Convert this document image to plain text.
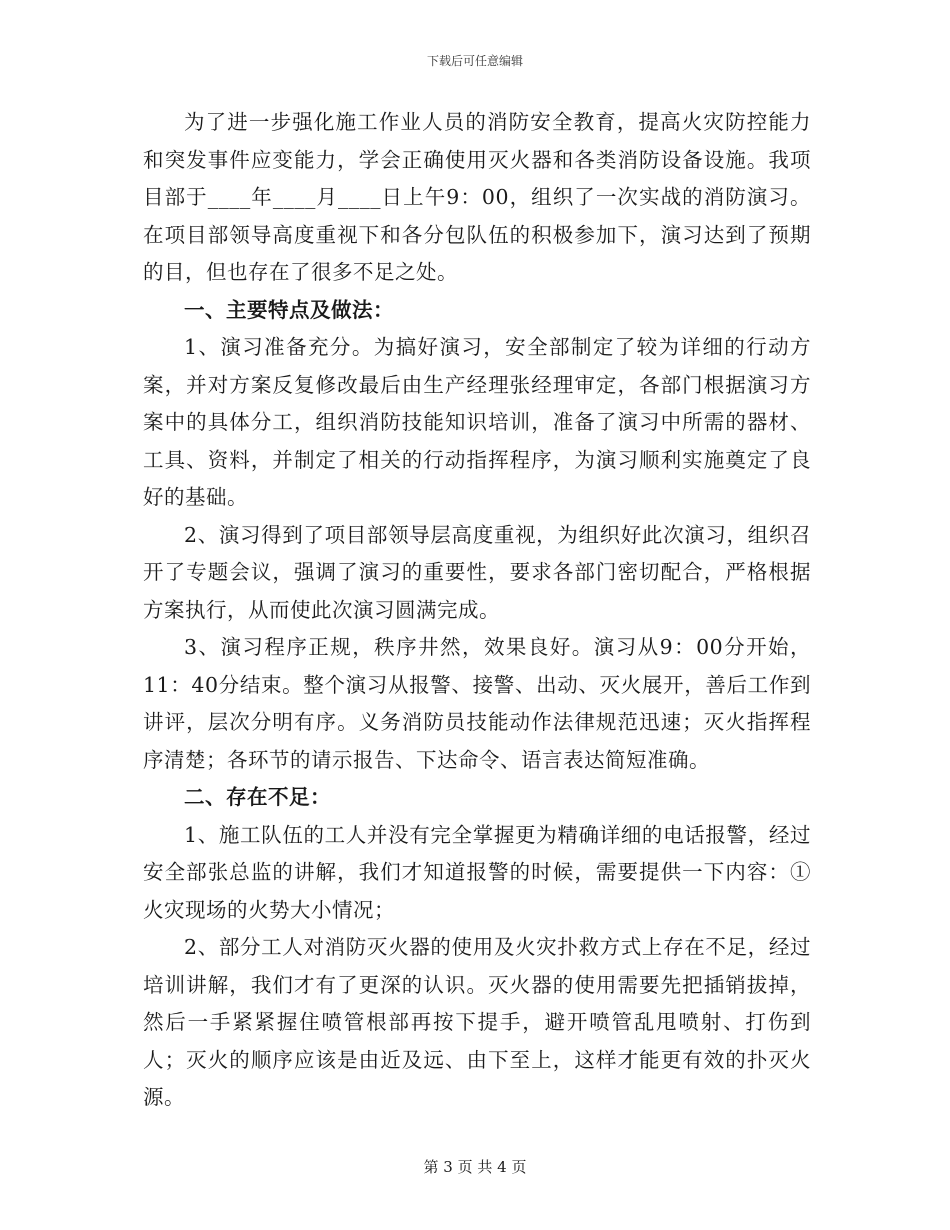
下载后可任意编辑

为了进一步强化施工作业人员的消防安全教育，提高火灾防控能力和突发事件应变能力，学会正确使用灭火器和各类消防设备设施。我项目部于____年____月____日上午9：00，组织了一次实战的消防演习。在项目部领导高度重视下和各分包队伍的积极参加下，演习达到了预期的目，但也存在了很多不足之处。

一、主要特点及做法：

1、演习准备充分。为搞好演习，安全部制定了较为详细的行动方案，并对方案反复修改最后由生产经理张经理审定，各部门根据演习方案中的具体分工，组织消防技能知识培训，准备了演习中所需的器材、工具、资料，并制定了相关的行动指挥程序，为演习顺利实施奠定了良好的基础。

2、演习得到了项目部领导层高度重视，为组织好此次演习，组织召开了专题会议，强调了演习的重要性，要求各部门密切配合，严格根据方案执行，从而使此次演习圆满完成。

3、演习程序正规，秩序井然，效果良好。演习从9：00分开始，11：40分结束。整个演习从报警、接警、出动、灭火展开，善后工作到讲评，层次分明有序。义务消防员技能动作法律规范迅速；灭火指挥程序清楚；各环节的请示报告、下达命令、语言表达简短准确。

二、存在不足：

1、施工队伍的工人并没有完全掌握更为精确详细的电话报警，经过安全部张总监的讲解，我们才知道报警的时候，需要提供一下内容：①火灾现场的火势大小情况；

2、部分工人对消防灭火器的使用及火灾扑救方式上存在不足，经过培训讲解，我们才有了更深的认识。灭火器的使用需要先把插销拔掉，然后一手紧紧握住喷管根部再按下提手，避开喷管乱甩喷射、打伤到人；灭火的顺序应该是由近及远、由下至上，这样才能更有效的扑灭火源。

第 3 页 共 4 页
